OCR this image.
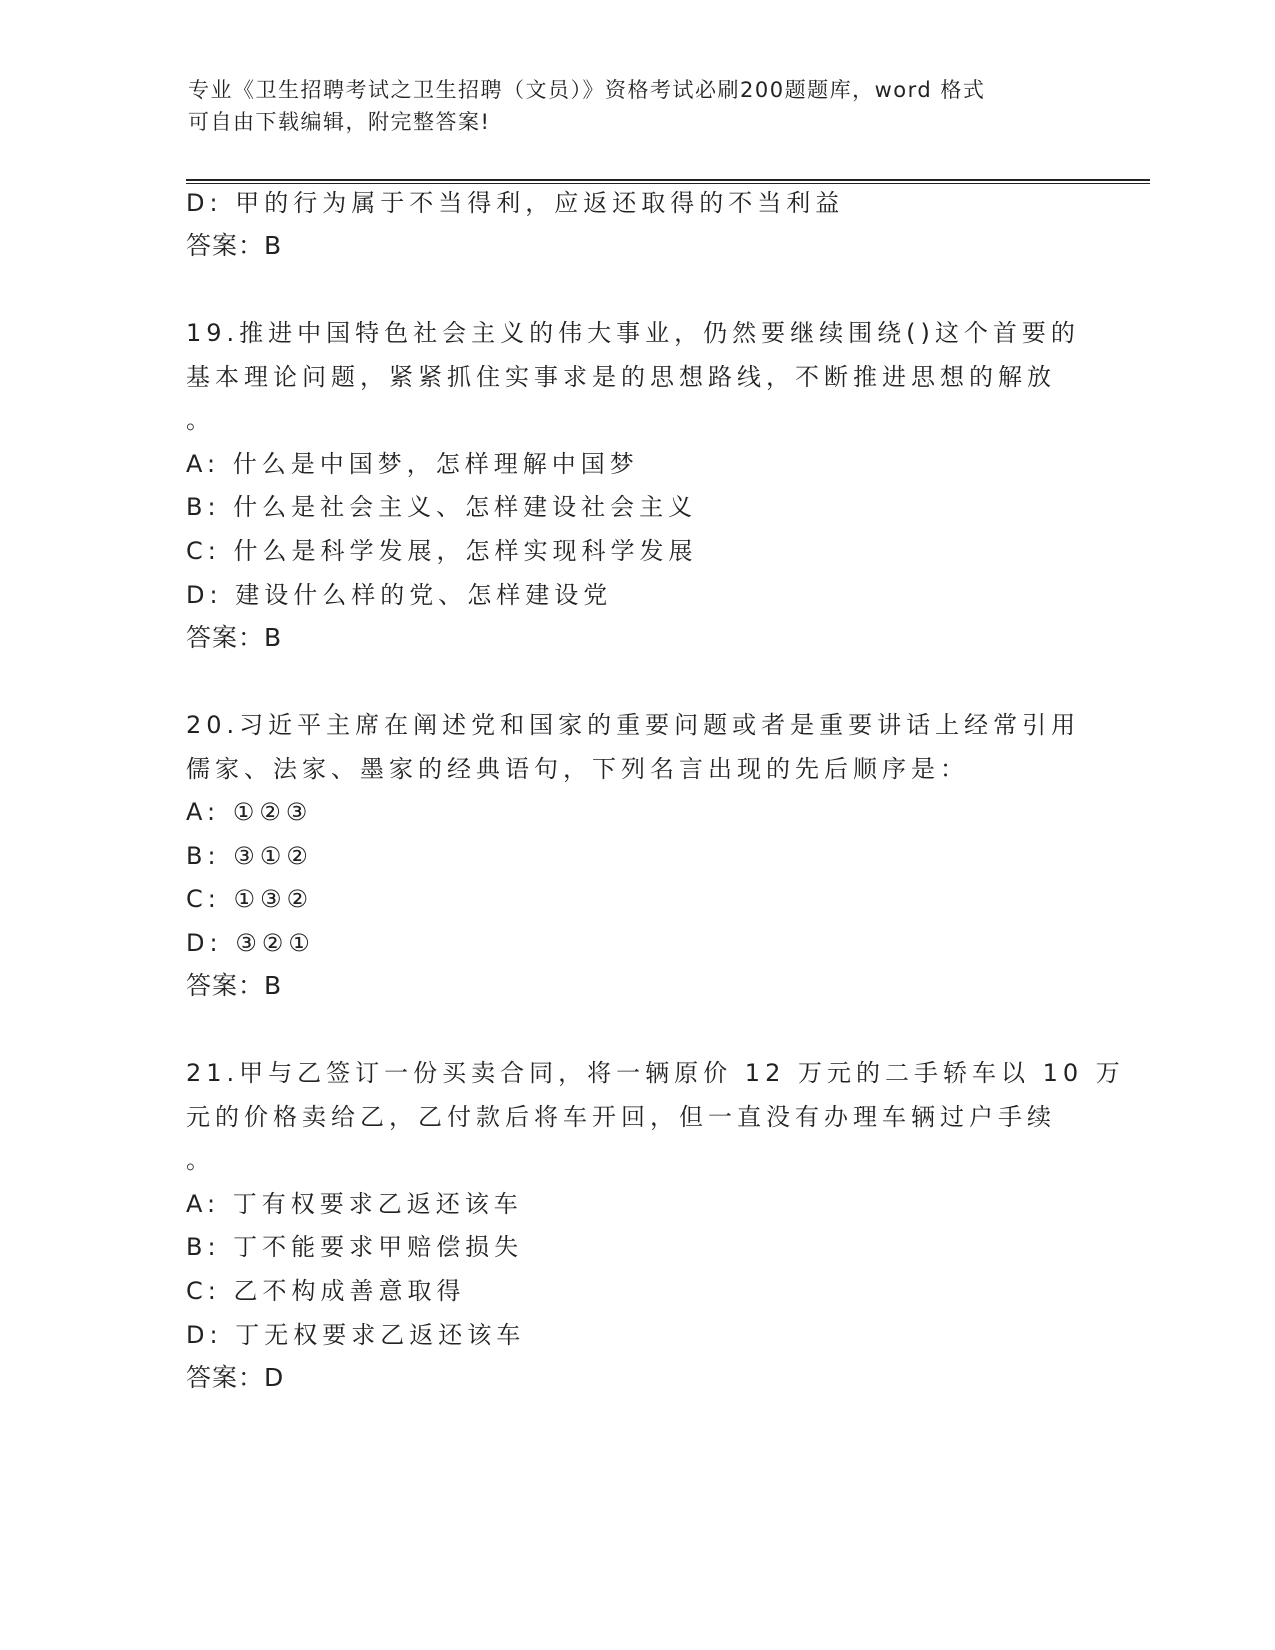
专业《卫生招聘考试之卫生招聘（文员）》资格考试必刷200题题库，word 格式
可自由下载编辑，附完整答案!
D: 甲的行为属于不当得利，应返还取得的不当利益
答案：B
19.推进中国特色社会主义的伟大事业，仍然要继续围绕()这个首要的
基本理论问题，紧紧抓住实事求是的思想路线，不断推进思想的解放
。
A: 什么是中国梦，怎样理解中国梦
B: 什么是社会主义、怎样建设社会主义
C: 什么是科学发展，怎样实现科学发展
D: 建设什么样的党、怎样建设党
答案：B
20.习近平主席在阐述党和国家的重要问题或者是重要讲话上经常引用
儒家、法家、墨家的经典语句，下列名言出现的先后顺序是：
A: ①②③
B: ③①②
C: ①③②
D: ③②①
答案：B
21.甲与乙签订一份买卖合同，将一辆原价 12 万元的二手轿车以 10 万
元的价格卖给乙，乙付款后将车开回，但一直没有办理车辆过户手续
。
A: 丁有权要求乙返还该车
B: 丁不能要求甲赔偿损失
C: 乙不构成善意取得
D: 丁无权要求乙返还该车
答案：D
